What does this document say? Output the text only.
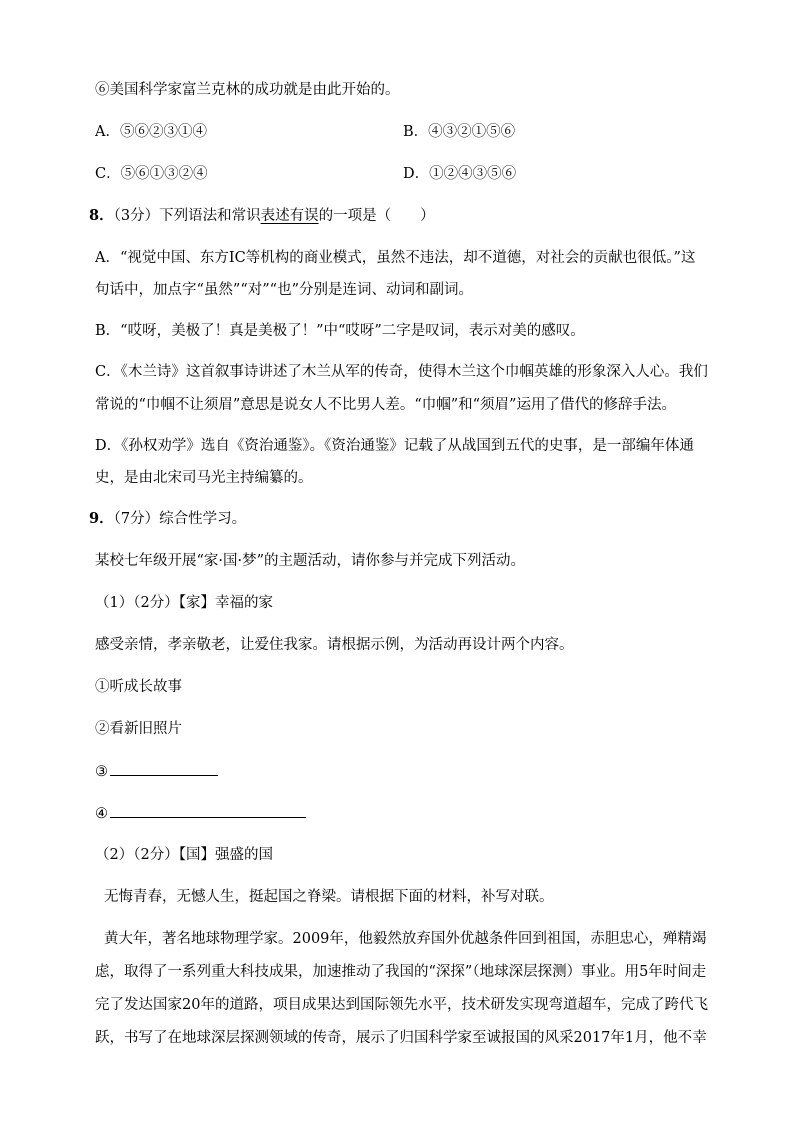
⑥美国科学家富兰克林的成功就是由此开始的。
A．⑤⑥②③①④	B．④③②①⑤⑥
C．⑤⑥①③②④	D．①②④③⑤⑥
8．（3分）下列语法和常识表述有误的一项是（　　）
A．“视觉中国、东方IC等机构的商业模式，虽然不违法，却不道德，对社会的贡献也很低。”这
句话中，加点字“虽然”“对”“也”分别是连词、动词和副词。
B．“哎呀，美极了！真是美极了！”中“哎呀”二字是叹词，表示对美的感叹。
C．《木兰诗》这首叙事诗讲述了木兰从军的传奇，使得木兰这个巾帼英雄的形象深入人心。我们
常说的“巾帼不让须眉”意思是说女人不比男人差。“巾帼”和“须眉”运用了借代的修辞手法。
D．《孙权劝学》选自《资治通鉴》。《资治通鉴》记载了从战国到五代的史事，是一部编年体通
史，是由北宋司马光主持编纂的。
9．（7分）综合性学习。
某校七年级开展“家·国·梦”的主题活动，请你参与并完成下列活动。
（1）（2分）【家】幸福的家
感受亲情，孝亲敬老，让爱住我家。请根据示例，为活动再设计两个内容。
①听成长故事
②看新旧照片
③
④
（2）（2分）【国】强盛的国
无悔青春，无憾人生，挺起国之脊梁。请根据下面的材料，补写对联。
黄大年，著名地球物理学家。2009年，他毅然放弃国外优越条件回到祖国，赤胆忠心，殚精竭
虑，取得了一系列重大科技成果，加速推动了我国的“深探”（地球深层探测）事业。用5年时间走
完了发达国家20年的道路，项目成果达到国际领先水平，技术研发实现弯道超车，完成了跨代飞
跃，书写了在地球深层探测领域的传奇，展示了归国科学家至诚报国的风采2017年1月，他不幸
